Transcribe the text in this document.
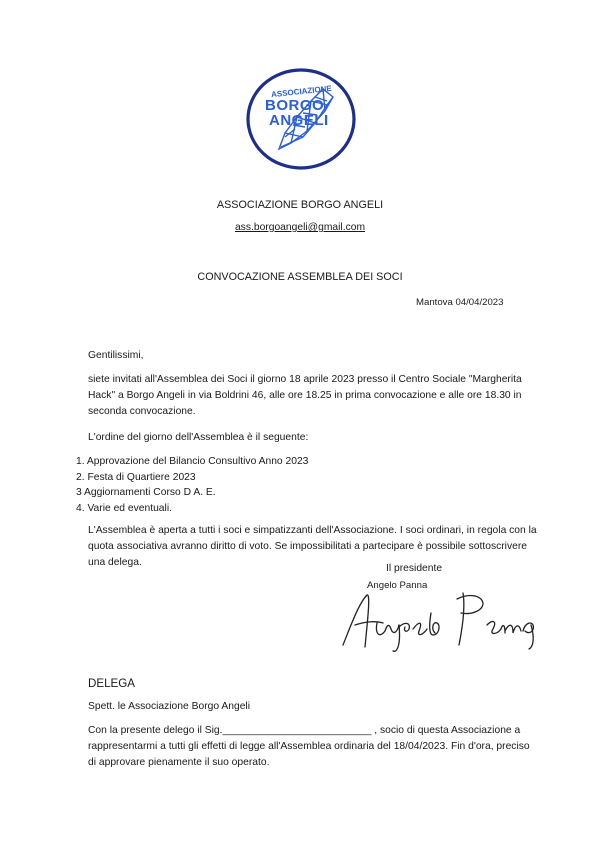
ASSOCIAZIONE
BORGO
ANGELI
ASSOCIAZIONE BORGO ANGELI
ass.borgoangeli@gmail.com
CONVOCAZIONE ASSEMBLEA DEI SOCI
Mantova 04/04/2023
Gentilissimi,
siete invitati all'Assemblea dei Soci il giorno 18 aprile 2023 presso il Centro Sociale "Margherita Hack" a Borgo Angeli in via Boldrini 46, alle ore 18.25 in prima convocazione e alle ore 18.30 in seconda convocazione.
L'ordine del giorno dell'Assemblea è il seguente:
1. Approvazione del Bilancio Consultivo Anno 2023
2. Festa di Quartiere 2023
3 Aggiornamenti Corso D A. E.
4. Varie ed eventuali.
L'Assemblea è aperta a tutti i soci e simpatizzanti dell'Associazione. I soci ordinari, in regola con la quota associativa avranno diritto di voto. Se impossibilitati a partecipare è possibile sottoscrivere una delega.
Il presidente
Angelo Panna
DELEGA
Spett. le Associazione Borgo Angeli
Con la presente delego il Sig.__________________________ , socio di questa Associazione a rappresentarmi a tutti gli effetti di legge all'Assemblea ordinaria del 18/04/2023. Fin d'ora, preciso di approvare pienamente il suo operato.
